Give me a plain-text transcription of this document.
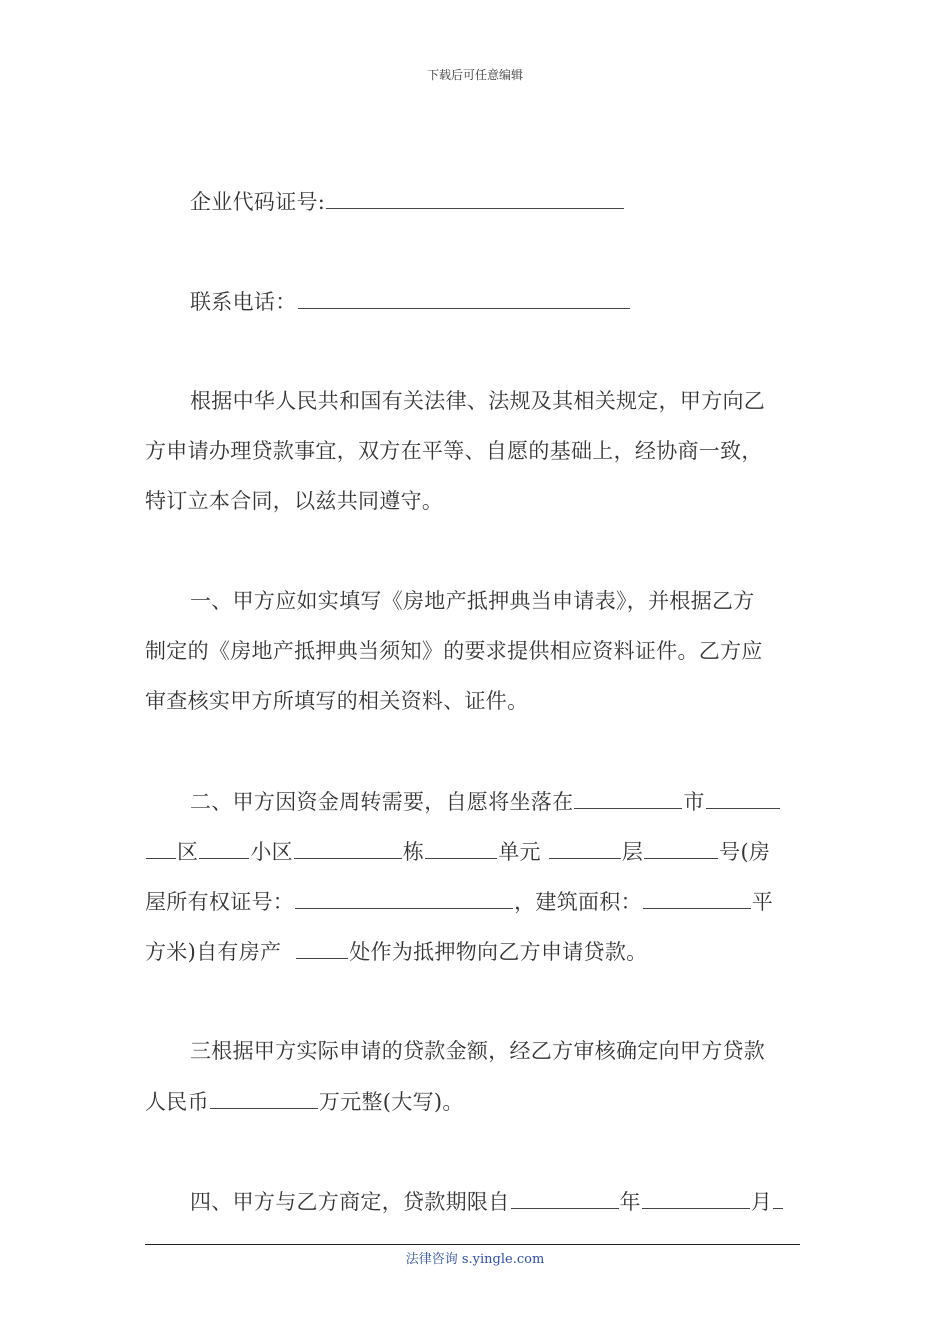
下载后可任意编辑
企业代码证号:
联系电话：
根据中华人民共和国有关法律、法规及其相关规定，甲方向乙
方申请办理贷款事宜，双方在平等、自愿的基础上，经协商一致，
特订立本合同，以兹共同遵守。
一、甲方应如实填写《房地产抵押典当申请表》，并根据乙方
制定的《房地产抵押典当须知》的要求提供相应资料证件。乙方应
审查核实甲方所填写的相关资料、证件。
二、甲方因资金周转需要，自愿将坐落在	市
区 小区	栋	单元	层	号(房
屋所有权证号：	，建筑面积：	平
方米)自有房产	处作为抵押物向乙方申请贷款。
三根据甲方实际申请的贷款金额，经乙方审核确定向甲方贷款
人民币	万元整(大写)。
四、甲方与乙方商定，贷款期限自	年	月
法律咨询 s.yingle.com
